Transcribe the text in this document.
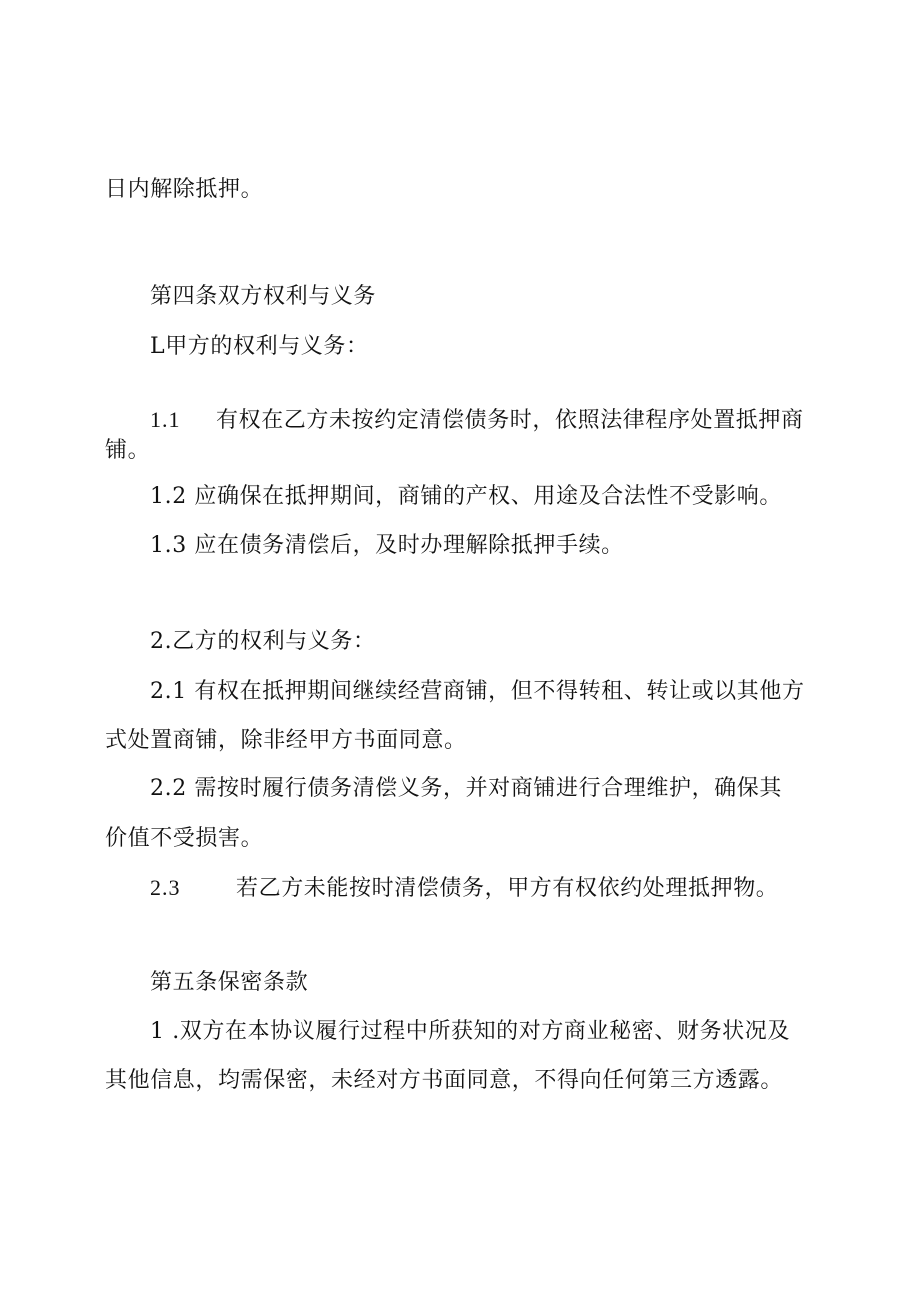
日内解除抵押。

第四条双方权利与义务

L甲方的权利与义务：

1.1 有权在乙方未按约定清偿债务时，依照法律程序处置抵押商

铺。

1.2 应确保在抵押期间，商铺的产权、用途及合法性不受影响。

1.3 应在债务清偿后，及时办理解除抵押手续。

2.乙方的权利与义务：

2.1 有权在抵押期间继续经营商铺，但不得转租、转让或以其他方

式处置商铺，除非经甲方书面同意。

2.2 需按时履行债务清偿义务，并对商铺进行合理维护，确保其

价值不受损害。

2.3	若乙方未能按时清偿债务，甲方有权依约处理抵押物。

第五条保密条款

1 .双方在本协议履行过程中所获知的对方商业秘密、财务状况及

其他信息，均需保密，未经对方书面同意，不得向任何第三方透露。
